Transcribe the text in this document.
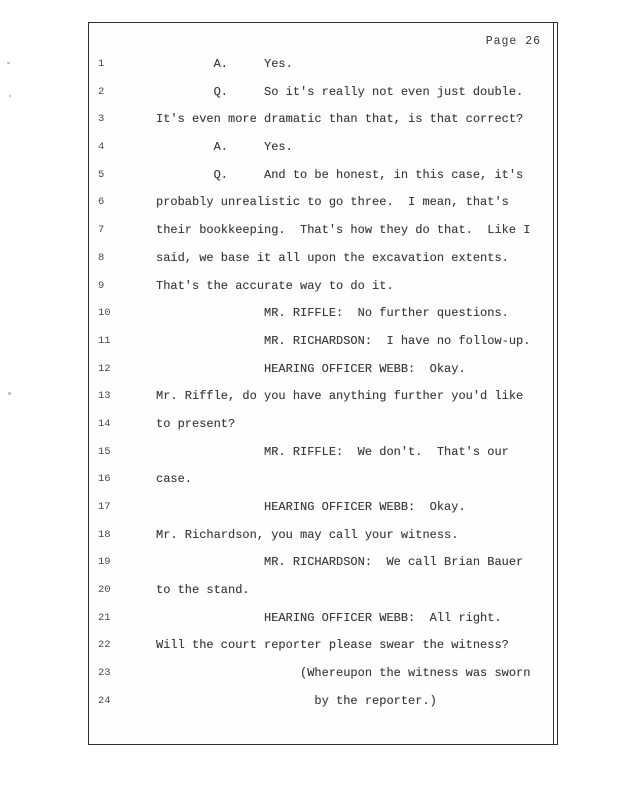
Page 26
1	A.     Yes.
2	Q.     So it's really not even just double.
3	It's even more dramatic than that, is that correct?
4	A.     Yes.
5	Q.     And to be honest, in this case, it's
6	probably unrealistic to go three.  I mean, that's
7	their bookkeeping.  That's how they do that.  Like I
8	said, we base it all upon the excavation extents.
9	That's the accurate way to do it.
10	MR. RIFFLE:  No further questions.
11	MR. RICHARDSON:  I have no follow-up.
12	HEARING OFFICER WEBB:  Okay.
13	Mr. Riffle, do you have anything further you'd like
14	to present?
15	MR. RIFFLE:  We don't.  That's our
16	case.
17	HEARING OFFICER WEBB:  Okay.
18	Mr. Richardson, you may call your witness.
19	MR. RICHARDSON:  We call Brian Bauer
20	to the stand.
21	HEARING OFFICER WEBB:  All right.
22	Will the court reporter please swear the witness?
23	(Whereupon the witness was sworn
24	by the reporter.)
